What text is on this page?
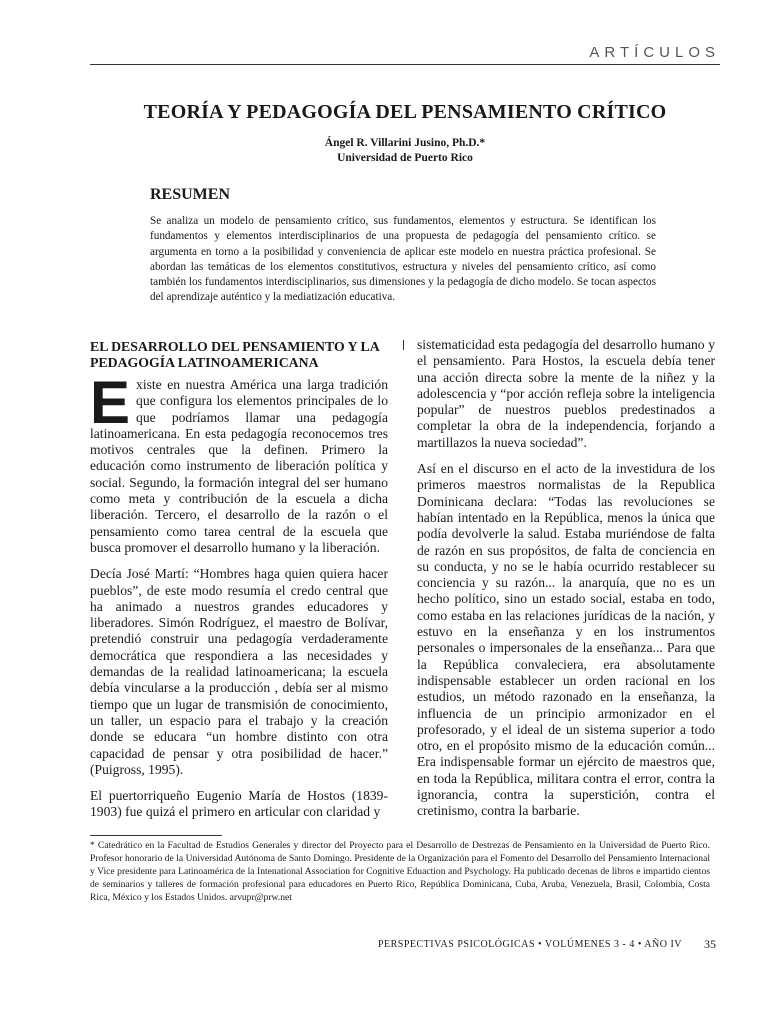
ARTÍCULOS
TEORÍA Y PEDAGOGÍA DEL PENSAMIENTO CRÍTICO
Ángel R. Villarini Jusino, Ph.D.*
Universidad de Puerto Rico
RESUMEN

Se analiza un modelo de pensamiento crítico, sus fundamentos, elementos y estructura. Se identifican los fundamentos y elementos interdisciplinarios de una propuesta de pedagogía del pensamiento crítico. se argumenta en torno a la posibilidad y conveniencia de aplicar este modelo en nuestra práctica profesional. Se abordan las temáticas de los elementos constitutivos, estructura y niveles del pensamiento crítico, así como también los fundamentos interdisciplinarios, sus dimensiones y la pedagogía de dicho modelo. Se tocan aspectos del aprendizaje auténtico y la mediatización educativa.

EL DESARROLLO DEL PENSAMIENTO Y LA PEDAGOGÍA LATINOAMERICANA

Existe en nuestra América una larga tradición que configura los elementos principales de lo que podríamos llamar una pedagogía latinoamericana. En esta pedagogía reconocemos tres motivos centrales que la definen. Primero la educación como instrumento de liberación política y social. Segundo, la formación integral del ser humano como meta y contribución de la escuela a dicha liberación. Tercero, el desarrollo de la razón o el pensamiento como tarea central de la escuela que busca promover el desarrollo humano y la liberación.

Decía José Martí: “Hombres haga quien quiera hacer pueblos”, de este modo resumía el credo central que ha animado a nuestros grandes educadores y liberadores. Simón Rodríguez, el maestro de Bolívar, pretendió construir una pedagogía verdaderamente democrática que respondiera a las necesidades y demandas de la realidad latinoamericana; la escuela debía vincularse a la producción , debía ser al mismo tiempo que un lugar de transmisión de conocimiento, un taller, un espacio para el trabajo y la creación donde se educara “un hombre distinto con otra capacidad de pensar y otra posibilidad de hacer.” (Puigross, 1995).

El puertorriqueño Eugenio María de Hostos (1839-1903) fue quizá el primero en articular con claridad y

sistematicidad esta pedagogía del desarrollo humano y el pensamiento. Para Hostos, la escuela debía tener una acción directa sobre la mente de la niñez y la adolescencia y “por acción refleja sobre la inteligencia popular” de nuestros pueblos predestinados a completar la obra de la independencia, forjando a martillazos la nueva sociedad”.

Así en el discurso en el acto de la investidura de los primeros maestros normalistas de la Republica Dominicana declara: “Todas las revoluciones se habían intentado en la República, menos la única que podía devolverle la salud. Estaba muriéndose de falta de razón en sus propósitos, de falta de conciencia en su conducta, y no se le había ocurrido restablecer su conciencia y su razón... la anarquía, que no es un hecho político, sino un estado social, estaba en todo, como estaba en las relaciones jurídicas de la nación, y estuvo en la enseñanza y en los instrumentos personales o impersonales de la enseñanza... Para que la República convaleciera, era absolutamente indispensable establecer un orden racional en los estudios, un método razonado en la enseñanza, la influencia de un principio armonizador en el profesorado, y el ideal de un sistema superior a todo otro, en el propósito mismo de la educación común... Era indispensable formar un ejército de maestros que, en toda la República, militara contra el error, contra la ignorancia, contra la superstición, contra el cretinismo, contra la barbarie.

* Catedrático en la Facultad de Estudios Generales y director del Proyecto para el Desarrollo de Destrezas de Pensamiento en la Universidad de Puerto Rico. Profesor honorario de la Universidad Autónoma de Santo Domingo. Presidente de la Organización para el Fomento del Desarrollo del Pensamiento Internacional y Vice presidente para Latinoamérica de la Intenational Association for Cognitive Eduaction and Psychology. Ha publicado decenas de libros e impartido cientos de seminarios y talleres de formación profesional para educadores en Puerto Rico, República Dominicana, Cuba, Aruba, Venezuela, Brasil, Colombia, Costa Rica, México y los Estados Unidos. arvupr@prw.net

PERSPECTIVAS PSICOLÓGICAS • VOLÚMENES 3 - 4 • AÑO IV 35
